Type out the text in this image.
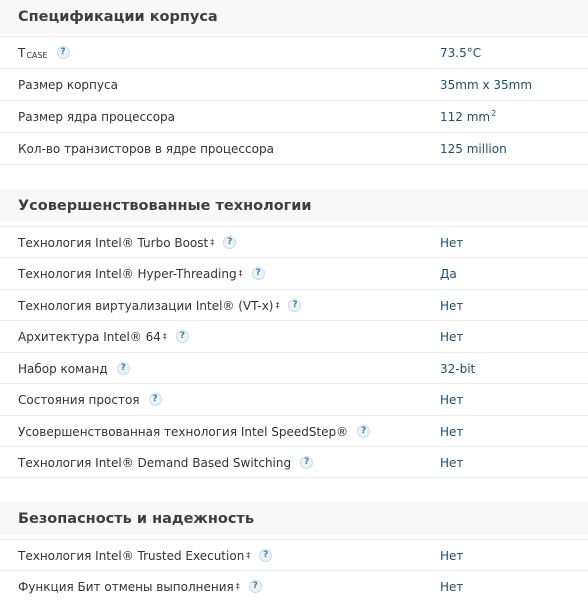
Спецификации корпуса
T CASE	?	73.5°C
Размер корпуса	35mm x 35mm
Размер ядра процессора	112 $mm^2$
Кол-во транзисторов в ядре процессора	125 million
Усовершенствованные технологии
Технология Intel® Turbo Boost ‡	?	Нет
Технология Intel® Hyper-Threading ‡	?	Да
Технология виртуализации Intel® (VT-x) ‡	?	Нет
Архитектура Intel® 64 ‡	?	Нет
Набор команд	?	32-bit
Состояния простоя	?	Нет
Усовершенствованная технология Intel SpeedStep®	?	Нет
Технология Intel® Demand Based Switching	?	Нет
Безопасность и надежность
Технология Intel® Trusted Execution ‡	?	Нет
Функция Бит отмены выполнения ‡	?	Нет
